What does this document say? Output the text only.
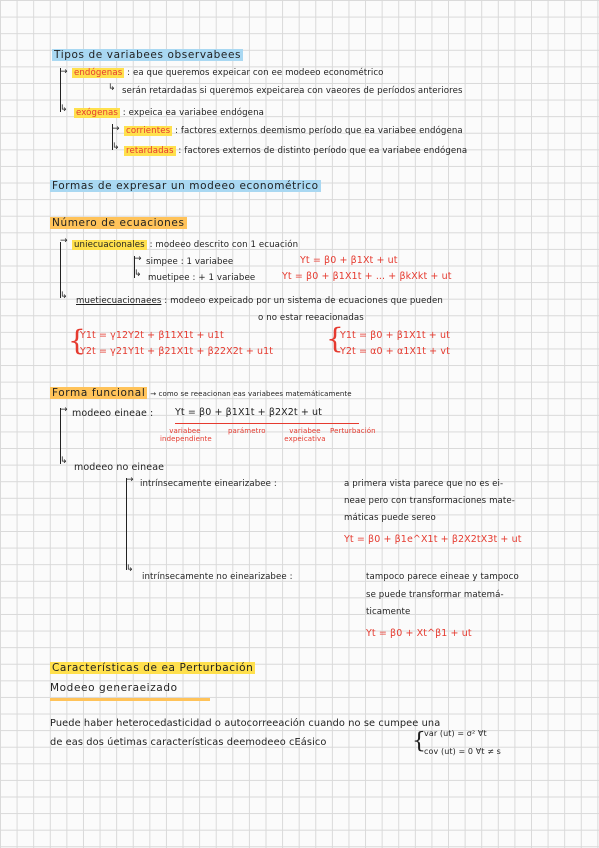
Tipos de variabees observabees
→ endógenas : ea que queremos expeicar con ee modeeo econométrico
↳ serán retardadas si queremos expeicarea con vaeores de períodos anteriores
↳ exógenas : expeica ea variabee endógena
→ corrientes : factores externos deemismo período que ea variabee endógena
↳ retardadas : factores externos de distinto período que ea variabee endógena
Formas de expresar un modeeo econométrico
Número de ecuaciones
→ uniecuacionales : modeeo descrito con 1 ecuación
→ simpee : 1 variabee	Yt = β0 + β1Xt + ut
↳ muetipee : + 1 variabee	Yt = β0 + β1X1t + ... + βkXkt + ut
↳ muetiecuacionaees : modeeo expeicado por un sistema de ecuaciones que pueden
o no estar reeacionadas
{
Y1t = γ12Y2t + β11X1t + u1t
Y2t = γ21Y1t + β21X1t + β22X2t + u1t {
Y1t = β0 + β1X1t + ut
Y2t = α0 + α1X1t + vt
Forma funcional → como se reeacionan eas variabees matemáticamente
→ modeeo eineae : Yt = β0 + β1X1t + β2X2t + ut
variabee independiente
parámetro	variabee expeicativa
Perturbación
↳
modeeo no eineae
→ intrínsecamente einearizabee :	a primera vista parece que no es ei-
neae pero con transformaciones mate-
máticas puede sereo
Yt = β0 + β1e^X1t + β2X2tX3t + ut
↳
intrínsecamente no einearizabee :	tampoco parece eineae y tampoco
se puede transformar matemá-
ticamente
Yt = β0 + Xt^β1 + ut
Características de ea Perturbación
Modeeo generaeizado
Puede haber heterocedasticidad o autocorreeación cuando no se cumpee una
de eas dos úetimas características deemodeeo cEásico	{
var (ut) = σ² ∀t
cov (ut) = 0 ∀t ≠ s
